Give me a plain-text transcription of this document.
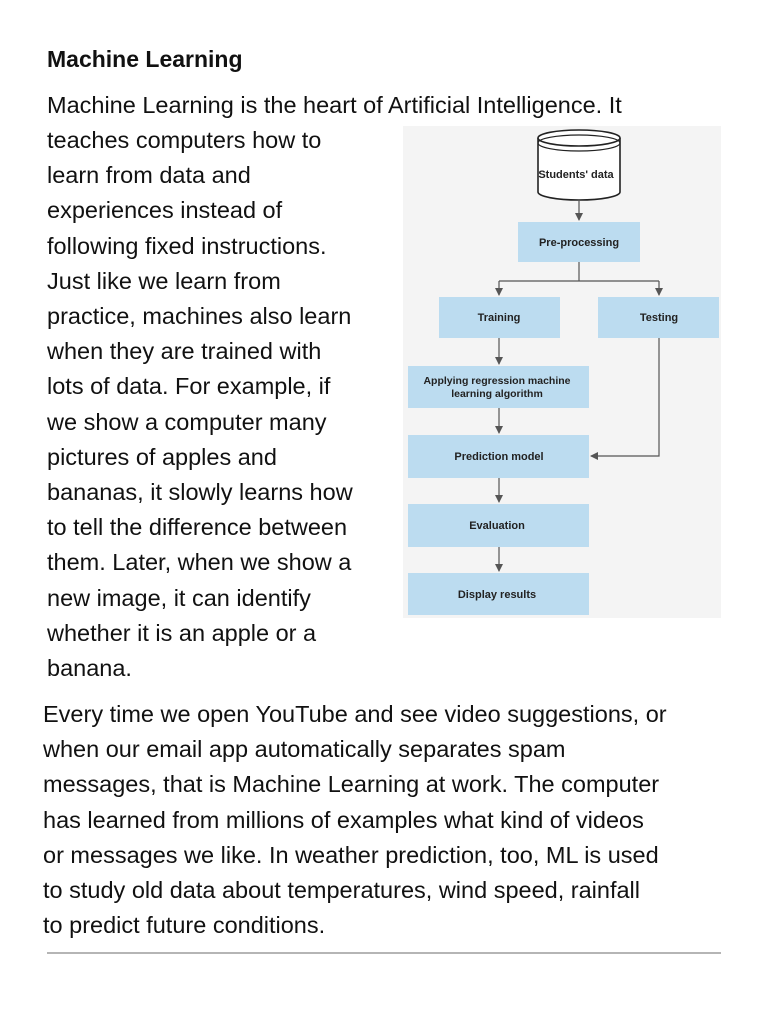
Machine Learning

Machine Learning is the heart of Artificial Intelligence. It

teaches computers how to
learn from data and
experiences instead of
following fixed instructions.
Just like we learn from
practice, machines also learn
when they are trained with
lots of data. For example, if
we show a computer many
pictures of apples and
bananas, it slowly learns how
to tell the difference between
them. Later, when we show a
new image, it can identify
whether it is an apple or a
banana.

Students' data
Pre-processing
Training	Testing
Applying regression machine
learning algorithm
Prediction model
Evaluation
Display results

Every time we open YouTube and see video suggestions, or
when our email app automatically separates spam
messages, that is Machine Learning at work. The computer
has learned from millions of examples what kind of videos
or messages we like. In weather prediction, too, ML is used
to study old data about temperatures, wind speed, rainfall
to predict future conditions.
